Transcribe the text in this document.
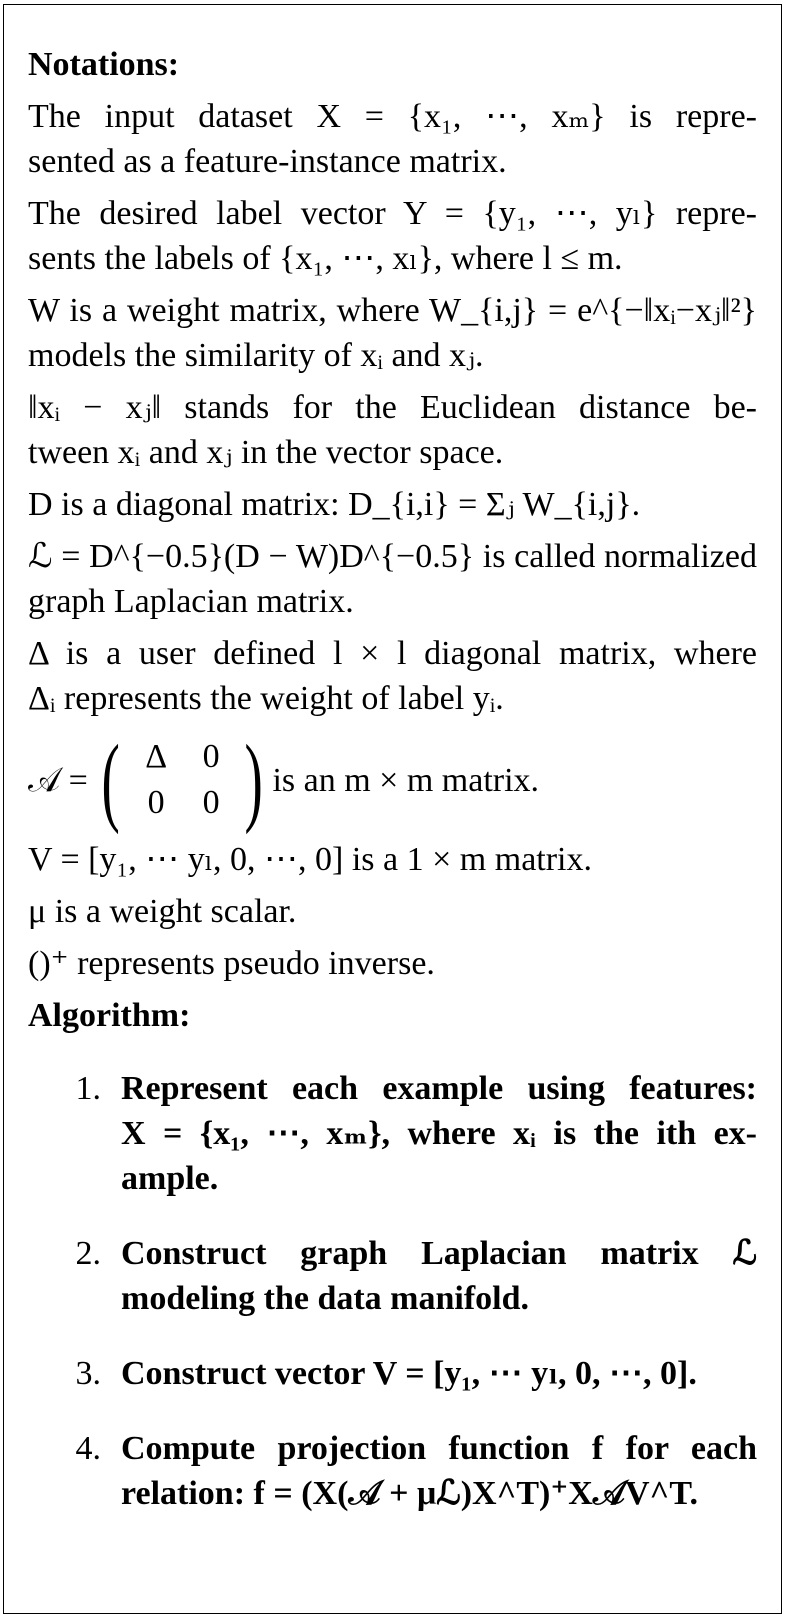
Notations:
The input dataset X = {x₁, ⋯, xₘ} is repre-
sented as a feature-instance matrix.
The desired label vector Y = {y₁, ⋯, yₗ} repre-
sents the labels of {x₁, ⋯, xₗ}, where l ≤ m.
W is a weight matrix, where W_{i,j} = e^{−‖xᵢ−xⱼ‖²}
models the similarity of xᵢ and xⱼ.
‖xᵢ − xⱼ‖ stands for the Euclidean distance be-
tween xᵢ and xⱼ in the vector space.
D is a diagonal matrix: D_{i,i} = Σⱼ W_{i,j}.
ℒ = D^{−0.5}(D − W)D^{−0.5} is called normalized
graph Laplacian matrix.
Δ is a user defined l × l diagonal matrix, where
Δᵢ represents the weight of label yᵢ.
𝒜 = ( Δ	0
0	0 ) is an m × m matrix.
V = [y₁, ⋯ yₗ, 0, ⋯, 0] is a 1 × m matrix.
μ is a weight scalar.
()⁺ represents pseudo inverse.
Algorithm:
1. Represent each example using features:
X = {x₁, ⋯, xₘ}, where xᵢ is the ith ex-
ample.
2. Construct graph Laplacian matrix ℒ
modeling the data manifold.
3. Construct vector V = [y₁, ⋯ yₗ, 0, ⋯, 0].
4. Compute projection function f for each
relation: f = (X(𝒜 + μℒ)X^T)⁺X𝒜V^T.
